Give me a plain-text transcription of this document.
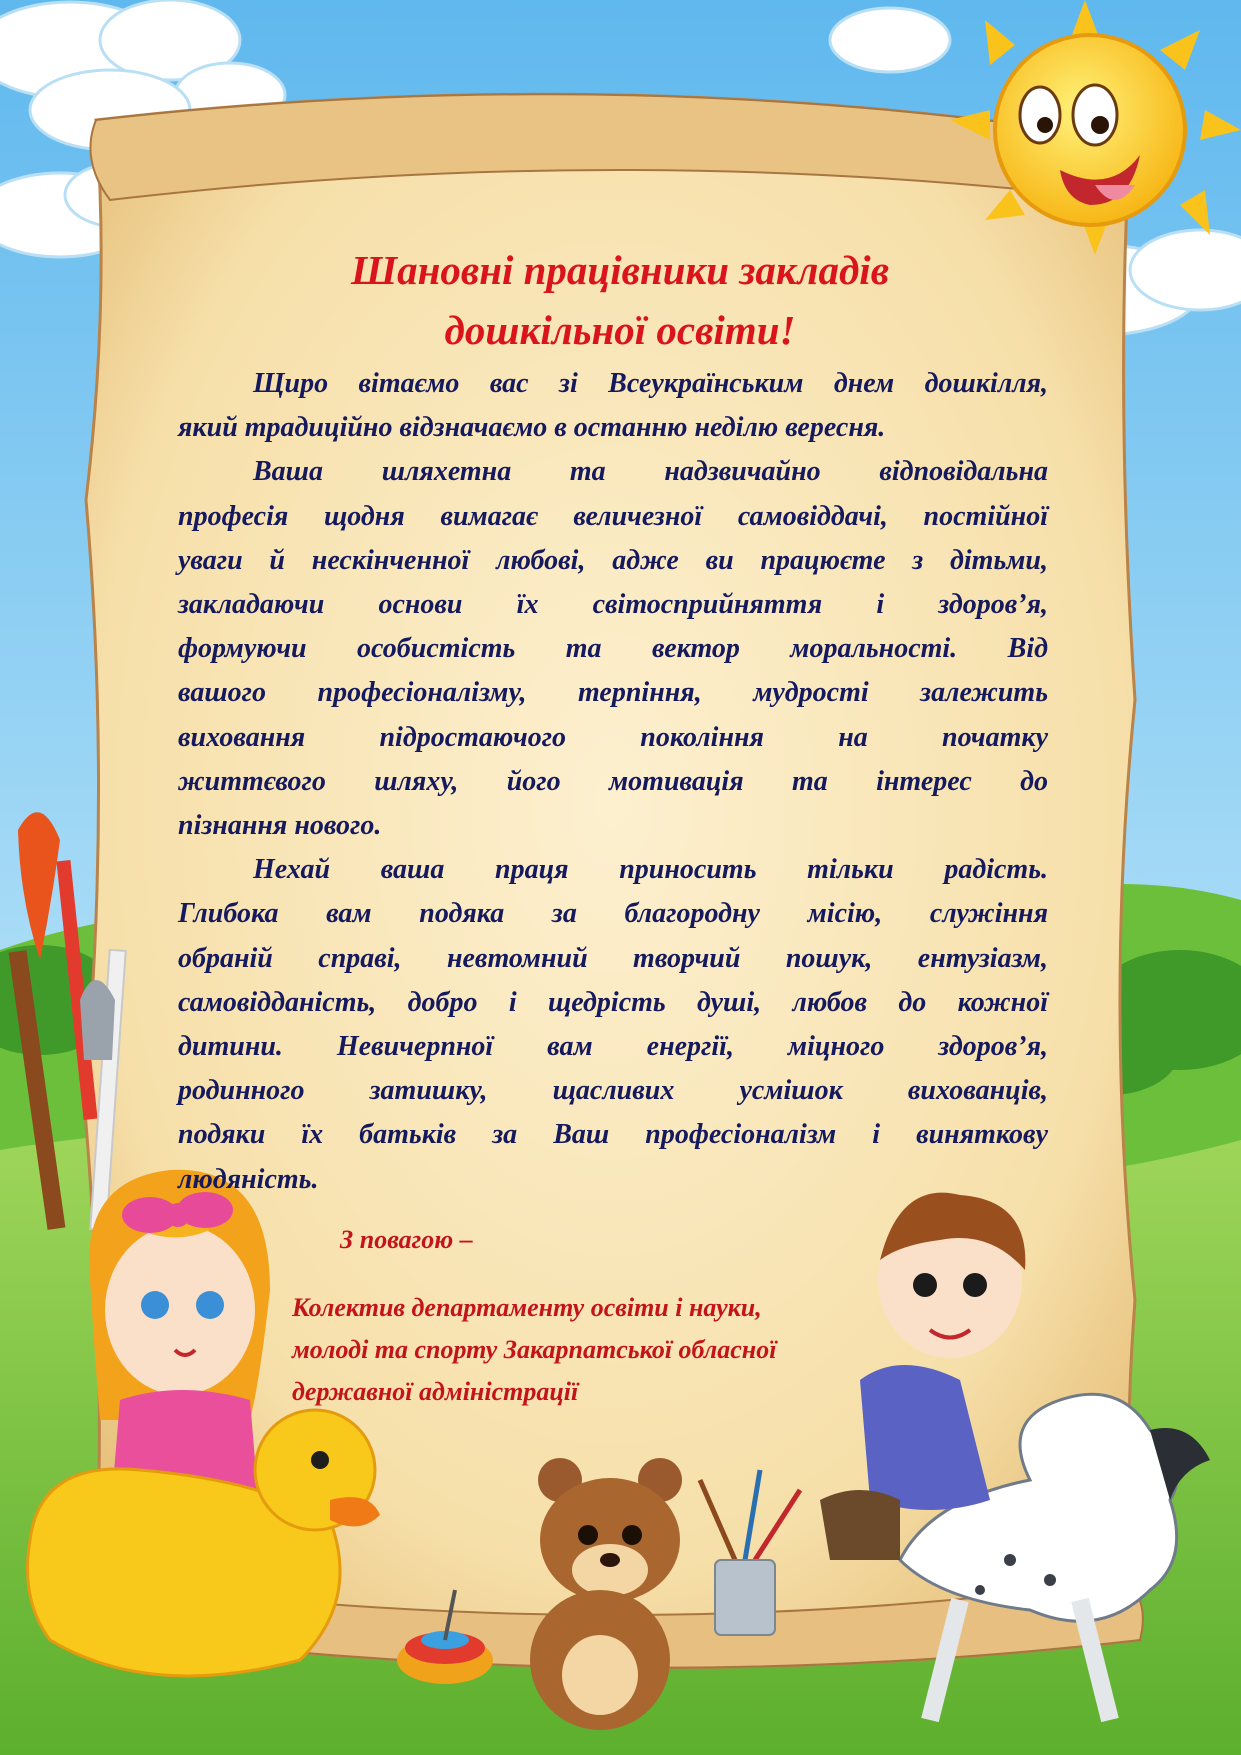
Шановні працівники закладів
дошкільної освіти!

Щиро вітаємо вас зі Всеукраїнським днем дошкілля,
який традиційно відзначаємо в останню неділю вересня.

Ваша шляхетна та надзвичайно відповідальна
професія щодня вимагає величезної самовіддачі, постійної
уваги й нескінченної любові, адже ви працюєте з дітьми,
закладаючи основи їх світосприйняття і здоров’я,
формуючи особистість та вектор моральності. Від
вашого професіоналізму, терпіння, мудрості залежить
виховання підростаючого покоління на початку
життєвого шляху, його мотивація та інтерес до
пізнання нового.

Нехай ваша праця приносить тільки радість.
Глибока вам подяка за благородну місію, служіння
обраній справі, невтомний творчий пошук, ентузіазм,
самовідданість, добро і щедрість душі, любов до кожної
дитини. Невичерпної вам енергії, міцного здоров’я,
родинного затишку, щасливих усмішок вихованців,
подяки їх батьків за Ваш професіоналізм і виняткову
людяність.

З повагою –
Колектив департаменту освіти і науки,
молоді та спорту Закарпатської обласної
державної адміністрації
